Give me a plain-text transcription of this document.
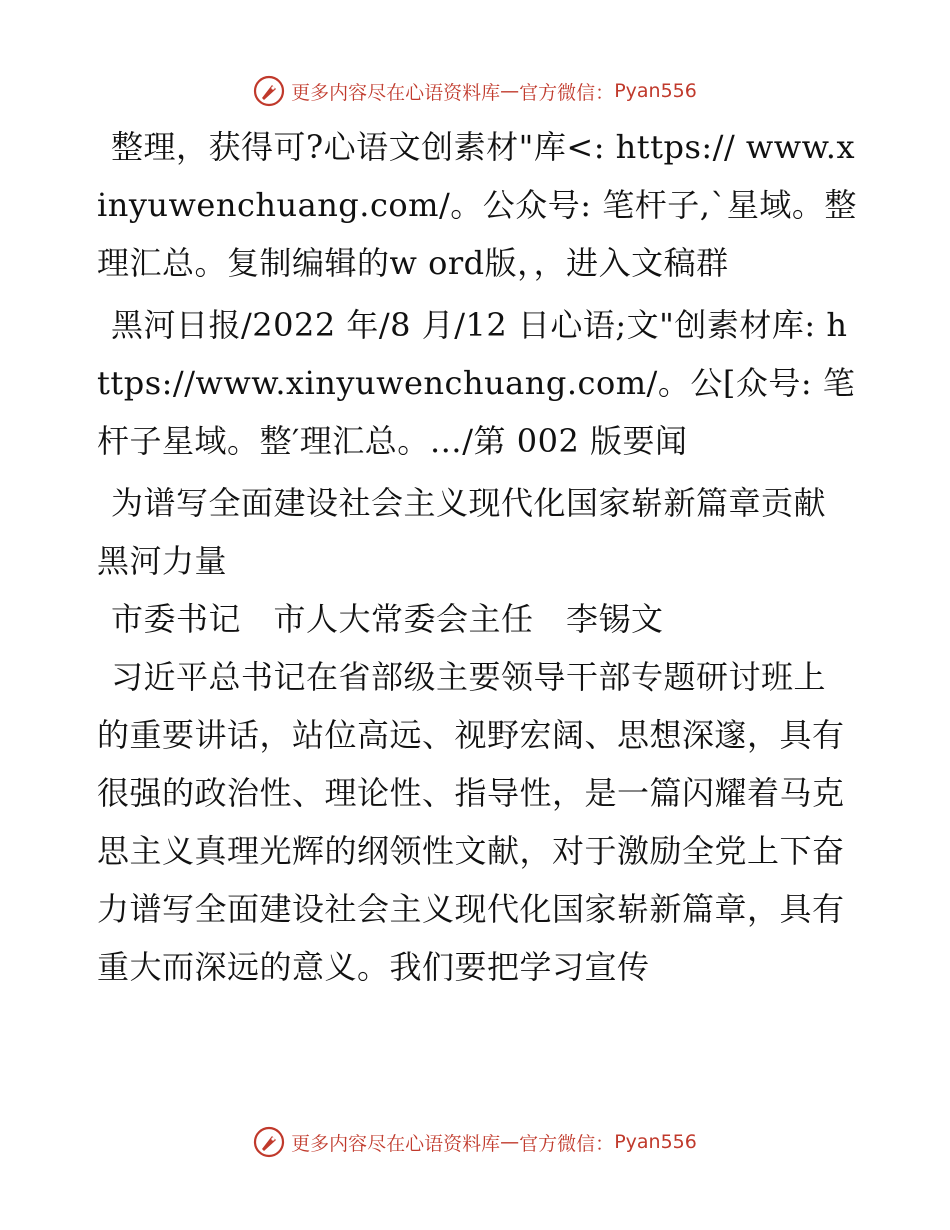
更多内容尽在心语资料库 — 官方微信： Pyan556

整理，获得可?心语文创素材"库<: https:// www.xinyuwenchuang.com/。公众号: 笔杆子,`星域。整理汇总。复制编辑的w ord版，，进入文稿群

黑河日报/2022 年/8 月/12 日心语;文"创素材库: https://www.xinyuwenchuang.com/。公[众号: 笔杆子星域。整′理汇总。…/第 002 版要闻

为谱写全面建设社会主义现代化国家崭新篇章贡献黑河力量

市委书记　市人大常委会主任　李锡文

习近平总书记在省部级主要领导干部专题研讨班上的重要讲话，站位高远、视野宏阔、思想深邃，具有很强的政治性、理论性、指导性，是一篇闪耀着马克思主义真理光辉的纲领性文献，对于激励全党上下奋力谱写全面建设社会主义现代化国家崭新篇章，具有重大而深远的意义。我们要把学习宣传

更多内容尽在心语资料库 — 官方微信： Pyan556
